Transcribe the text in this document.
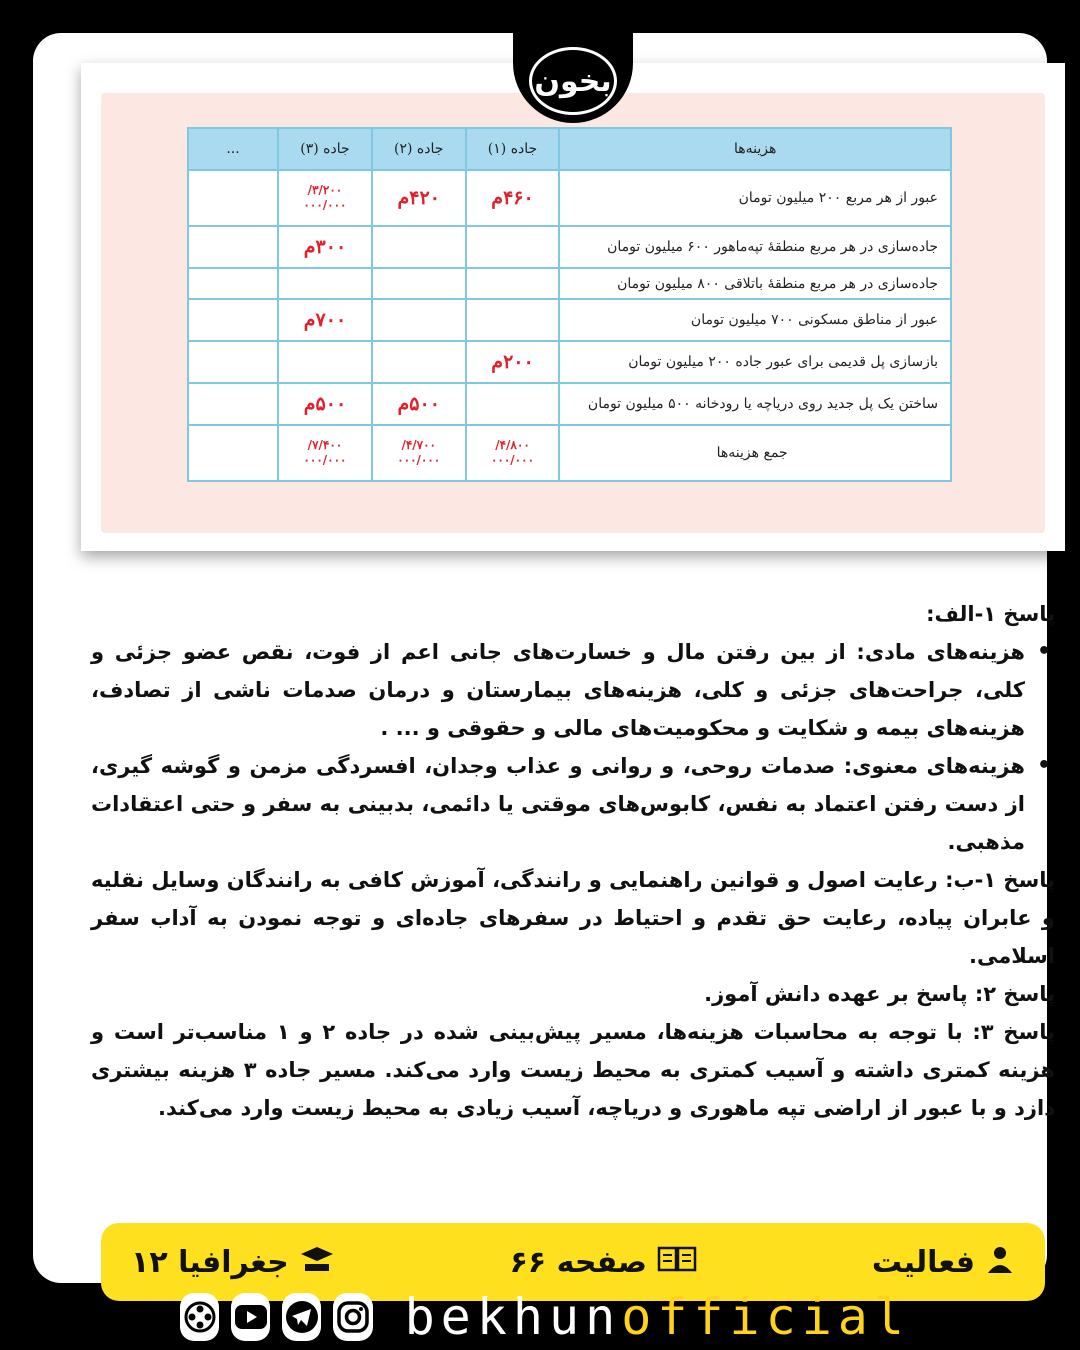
بخون
هزینه‌ها	جاده (۱)	جاده (۲)	جاده (۳)	...
عبور از هر مربع ۲۰۰ میلیون تومان	۴۶۰م	۴۲۰م	۳/۲۰۰/ ۰۰۰/۰۰۰	
جاده‌سازی در هر مربع منطقهٔ تپه‌ماهور ۶۰۰ میلیون تومان			۳۰۰م	
جاده‌سازی در هر مربع منطقهٔ باتلاقی ۸۰۰ میلیون تومان				
عبور از مناطق مسکونی ۷۰۰ میلیون تومان			۷۰۰م	
بازسازی پل قدیمی برای عبور جاده ۲۰۰ میلیون تومان	۲۰۰م			
ساختن یک پل جدید روی دریاچه یا رودخانه ۵۰۰ میلیون تومان		۵۰۰م	۵۰۰م	
جمع هزینه‌ها	۴/۸۰۰/ ۰۰۰/۰۰۰	۴/۷۰۰/ ۰۰۰/۰۰۰	۷/۴۰۰/ ۰۰۰/۰۰۰	

پاسخ ۱-الف:

• هزینه‌های مادی: از بین رفتن مال و خسارت‌های جانی اعم از فوت، نقص عضو جزئی و کلی، جراحت‌های جزئی و کلی، هزینه‌های بیمارستان و درمان صدمات ناشی از تصادف، هزینه‌های بیمه و شکایت و محکومیت‌های مالی و حقوقی و ... .
• هزینه‌های معنوی: صدمات روحی، و روانی و عذاب وجدان، افسردگی مزمن و گوشه گیری، از دست رفتن اعتماد به نفس، کابوس‌های موقتی یا دائمی، بدبینی به سفر و حتی اعتقادات مذهبی.

پاسخ ۱-ب: رعایت اصول و قوانین راهنمایی و رانندگی، آموزش کافی به رانندگان وسایل نقلیه و عابران پیاده، رعایت حق تقدم و احتیاط در سفرهای جاده‌ای و توجه نمودن به آداب سفر اسلامی.

پاسخ ۲: پاسخ بر عهده دانش آموز.

پاسخ ۳: با توجه به محاسبات هزینه‌ها، مسیر پیش‌بینی شده در جاده ۲ و ۱ مناسب‌تر است و هزینه کمتری داشته و آسیب کمتری به محیط زیست وارد می‌کند. مسیر جاده ۳ هزینه بیشتری دازد و با عبور از اراضی تپه ماهوری و دریاچه، آسیب زیادی به محیط زیست وارد می‌کند.

فعالیت
صفحه ۶۶
جغرافیا ۱۲
bekhunofficial
